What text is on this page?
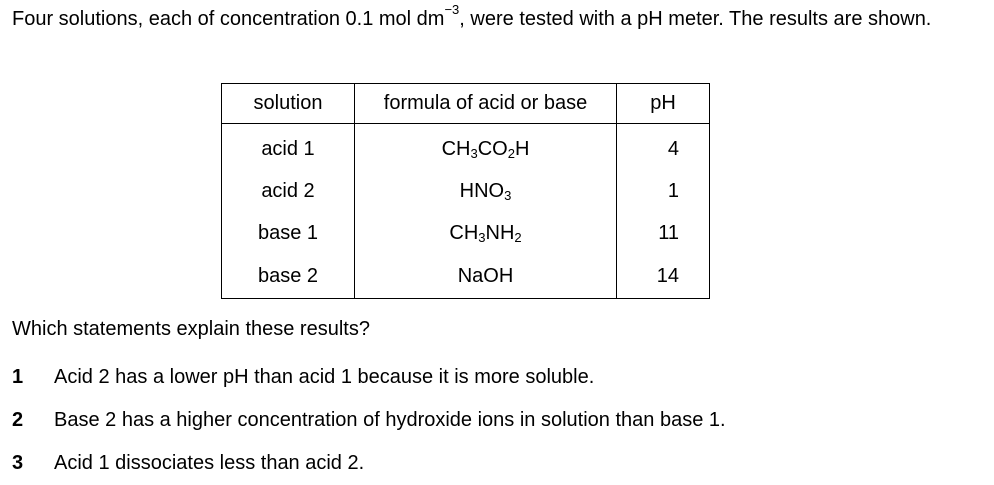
Four solutions, each of concentration 0.1 mol $dm^{-3}$, were tested with a pH meter. The results are shown.
solution	formula of acid or base	pH

acid 1	$CH_3CO_2H$	4
acid 2	$HNO_3$	1
base 1	$CH_3NH_2$	11
base 2	NaOH	14
Which statements explain these results?
1 Acid 2 has a lower pH than acid 1 because it is more soluble.
2 Base 2 has a higher concentration of hydroxide ions in solution than base 1.
3 Acid 1 dissociates less than acid 2.
